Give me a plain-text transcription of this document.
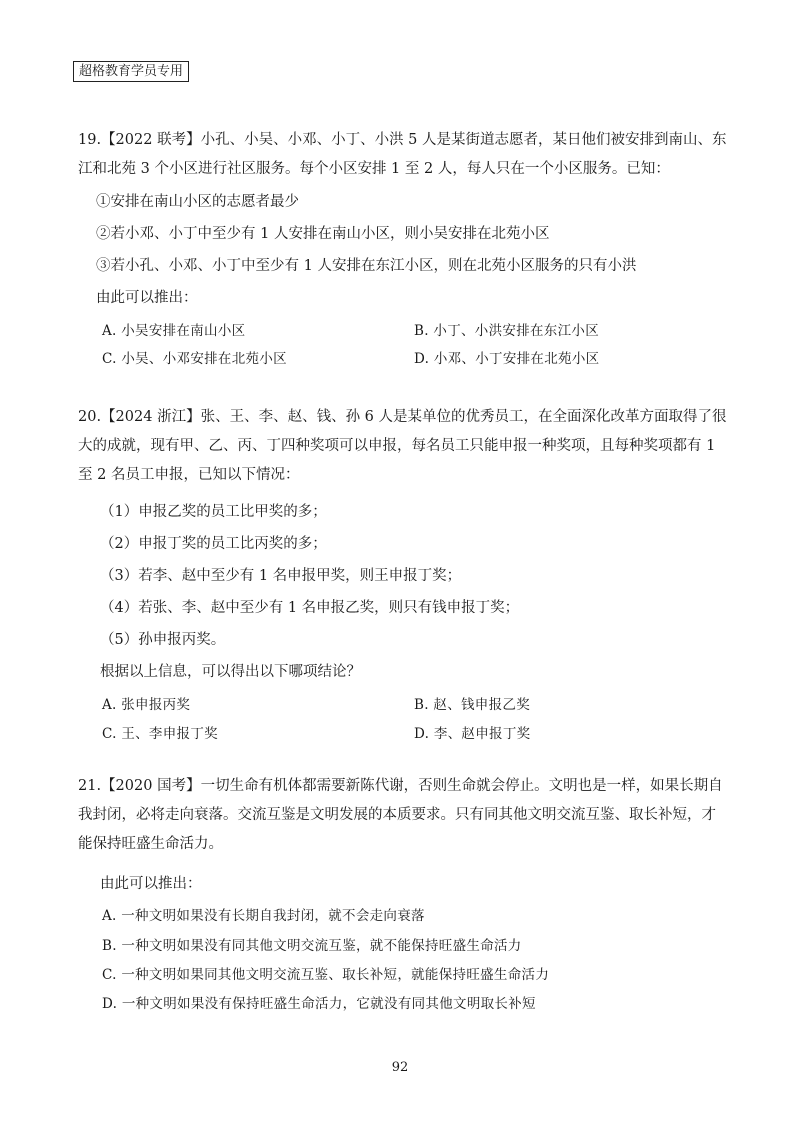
超格教育学员专用
19.【2022 联考】小孔、小吴、小邓、小丁、小洪 5 人是某街道志愿者，某日他们被安排到南山、东江和北苑 3 个小区进行社区服务。每个小区安排 1 至 2 人，每人只在一个小区服务。已知：
①安排在南山小区的志愿者最少
②若小邓、小丁中至少有 1 人安排在南山小区，则小吴安排在北苑小区
③若小孔、小邓、小丁中至少有 1 人安排在东江小区，则在北苑小区服务的只有小洪
由此可以推出：
A. 小吴安排在南山小区	B. 小丁、小洪安排在东江小区
C. 小吴、小邓安排在北苑小区	D. 小邓、小丁安排在北苑小区
20.【2024 浙江】张、王、李、赵、钱、孙 6 人是某单位的优秀员工，在全面深化改革方面取得了很大的成就，现有甲、乙、丙、丁四种奖项可以申报，每名员工只能申报一种奖项，且每种奖项都有 1 至 2 名员工申报，已知以下情况：
（1）申报乙奖的员工比甲奖的多；
（2）申报丁奖的员工比丙奖的多；
（3）若李、赵中至少有 1 名申报甲奖，则王申报丁奖；
（4）若张、李、赵中至少有 1 名申报乙奖，则只有钱申报丁奖；
（5）孙申报丙奖。
根据以上信息，可以得出以下哪项结论？
A. 张申报丙奖	B. 赵、钱申报乙奖
C. 王、李申报丁奖	D. 李、赵申报丁奖
21.【2020 国考】一切生命有机体都需要新陈代谢，否则生命就会停止。文明也是一样，如果长期自我封闭，必将走向衰落。交流互鉴是文明发展的本质要求。只有同其他文明交流互鉴、取长补短，才能保持旺盛生命活力。
由此可以推出：
A. 一种文明如果没有长期自我封闭，就不会走向衰落
B. 一种文明如果没有同其他文明交流互鉴，就不能保持旺盛生命活力
C. 一种文明如果同其他文明交流互鉴、取长补短，就能保持旺盛生命活力
D. 一种文明如果没有保持旺盛生命活力，它就没有同其他文明取长补短
92
